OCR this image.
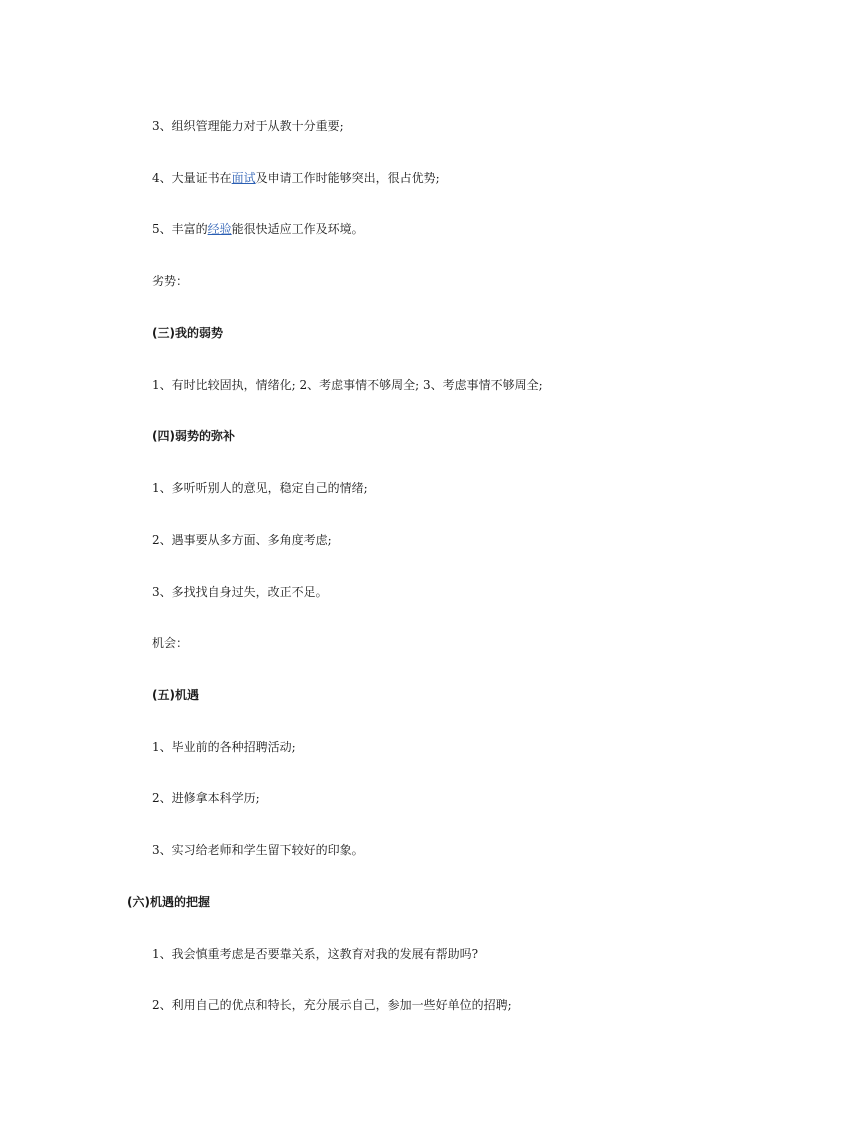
3、组织管理能力对于从教十分重要;
4、大量证书在面试及申请工作时能够突出，很占优势;
5、丰富的经验能很快适应工作及环境。
劣势：
(三)我的弱势
1、有时比较固执，情绪化; 2、考虑事情不够周全; 3、考虑事情不够周全;
(四)弱势的弥补
1、多听听别人的意见，稳定自己的情绪;
2、遇事要从多方面、多角度考虑;
3、多找找自身过失，改正不足。
机会：
(五)机遇
1、毕业前的各种招聘活动;
2、进修拿本科学历;
3、实习给老师和学生留下较好的印象。
(六)机遇的把握
1、我会慎重考虑是否要靠关系，这教育对我的发展有帮助吗?
2、利用自己的优点和特长，充分展示自己，参加一些好单位的招聘;
